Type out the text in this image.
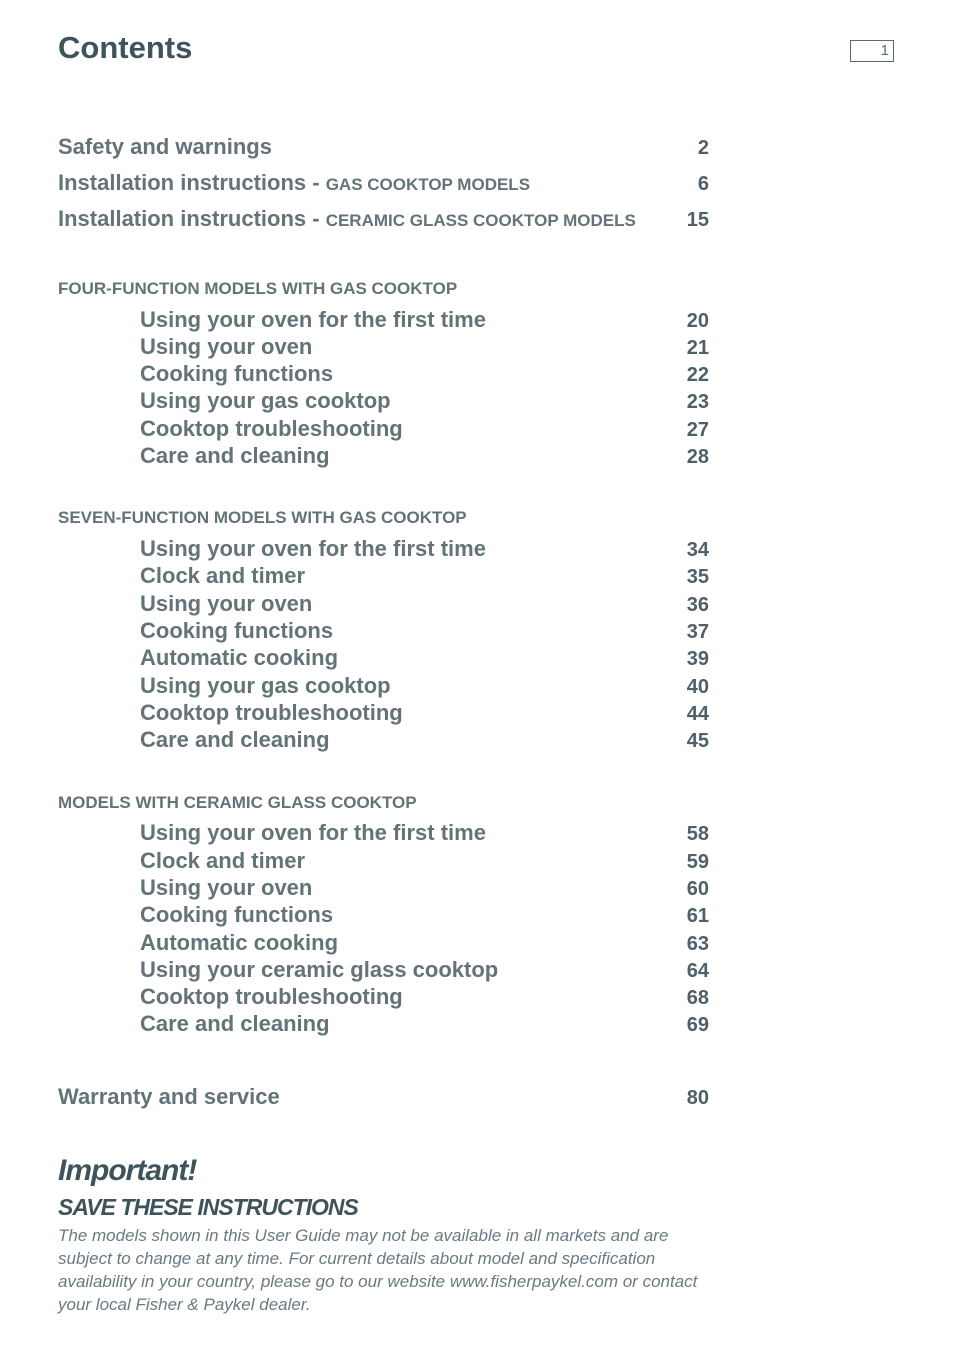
Contents	1
Safety and warnings	2
Installation instructions - GAS COOKTOP MODELS	6
Installation instructions - CERAMIC GLASS COOKTOP MODELS	15
FOUR-FUNCTION MODELS WITH GAS COOKTOP
Using your oven for the first time	20
Using your oven	21
Cooking functions	22
Using your gas cooktop	23
Cooktop troubleshooting	27
Care and cleaning	28
SEVEN-FUNCTION MODELS WITH GAS COOKTOP
Using your oven for the first time	34
Clock and timer	35
Using your oven	36
Cooking functions	37
Automatic cooking	39
Using your gas cooktop	40
Cooktop troubleshooting	44
Care and cleaning	45
MODELS WITH CERAMIC GLASS COOKTOP
Using your oven for the first time	58
Clock and timer	59
Using your oven	60
Cooking functions	61
Automatic cooking	63
Using your ceramic glass cooktop	64
Cooktop troubleshooting	68
Care and cleaning	69
Warranty and service	80
Important!
SAVE THESE INSTRUCTIONS

The models shown in this User Guide may not be available in all markets and are subject to change at any time. For current details about model and specification availability in your country, please go to our website www.fisherpaykel.com or contact your local Fisher & Paykel dealer.
